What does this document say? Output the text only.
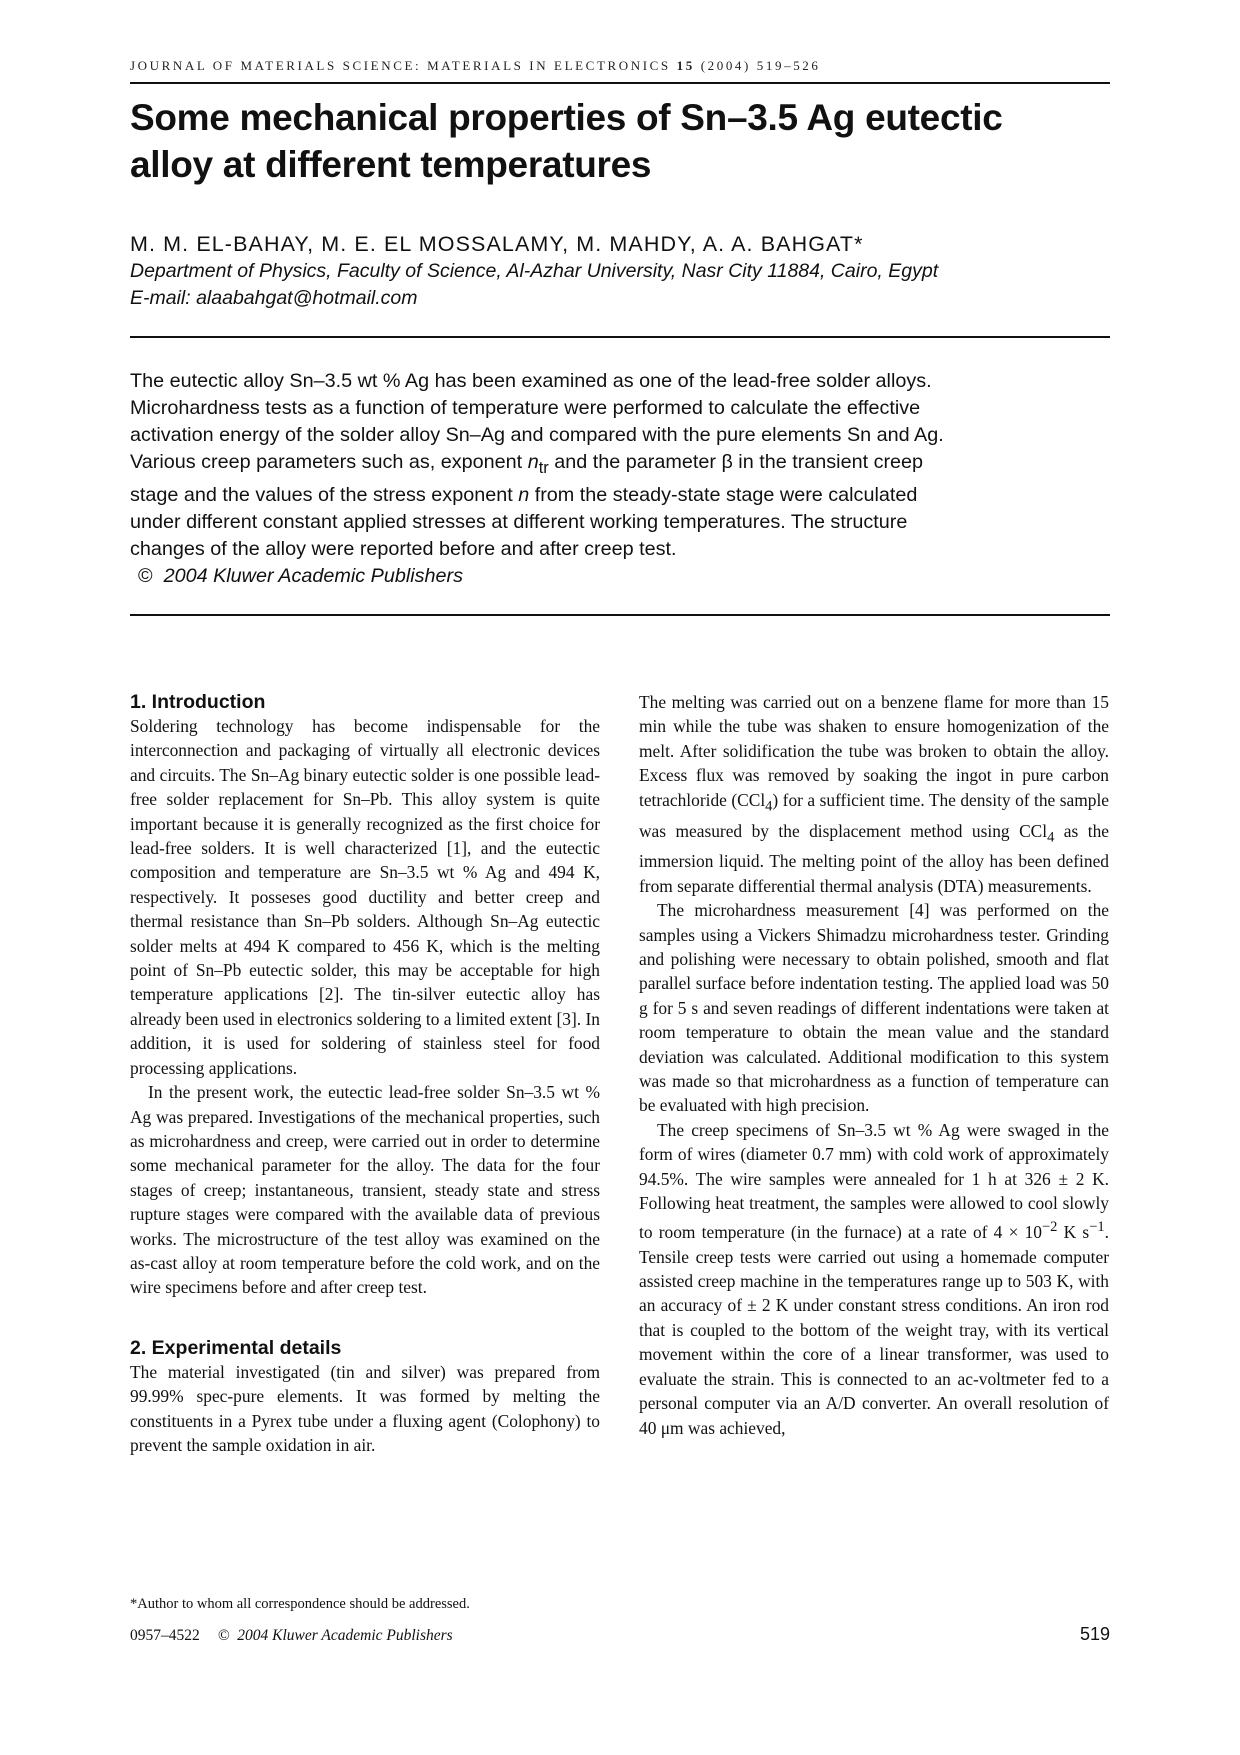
JOURNAL OF MATERIALS SCIENCE: MATERIALS IN ELECTRONICS 15 (2004) 519–526
Some mechanical properties of Sn–3.5 Ag eutectic
alloy at different temperatures
M. M. EL-BAHAY, M. E. EL MOSSALAMY, M. MAHDY, A. A. BAHGAT*
Department of Physics, Faculty of Science, Al-Azhar University, Nasr City 11884, Cairo, Egypt
E-mail: alaabahgat@hotmail.com
The eutectic alloy Sn–3.5 wt % Ag has been examined as one of the lead-free solder alloys.
Microhardness tests as a function of temperature were performed to calculate the effective
activation energy of the solder alloy Sn–Ag and compared with the pure elements Sn and Ag.
Various creep parameters such as, exponent $n_{tr}$ and the parameter β in the transient creep
stage and the values of the stress exponent n from the steady-state stage were calculated
under different constant applied stresses at different working temperatures. The structure
changes of the alloy were reported before and after creep test.
© 2004 Kluwer Academic Publishers
1. Introduction

Soldering technology has become indispensable for the interconnection and packaging of virtually all electronic devices and circuits. The Sn–Ag binary eutectic solder is one possible lead-free solder replacement for Sn–Pb. This alloy system is quite important because it is generally recognized as the first choice for lead-free solders. It is well characterized [1], and the eutectic composition and temperature are Sn–3.5 wt % Ag and 494 K, respectively. It posseses good ductility and better creep and thermal resistance than Sn–Pb solders. Although Sn–Ag eutectic solder melts at 494 K compared to 456 K, which is the melting point of Sn–Pb eutectic solder, this may be acceptable for high temperature applications [2]. The tin-silver eutectic alloy has already been used in electronics soldering to a limited extent [3]. In addition, it is used for soldering of stainless steel for food processing applications.

In the present work, the eutectic lead-free solder Sn–3.5 wt % Ag was prepared. Investigations of the mechanical properties, such as microhardness and creep, were carried out in order to determine some mechanical parameter for the alloy. The data for the four stages of creep; instantaneous, transient, steady state and stress rupture stages were compared with the available data of previous works. The microstructure of the test alloy was examined on the as-cast alloy at room temperature before the cold work, and on the wire specimens before and after creep test.

2. Experimental details

The material investigated (tin and silver) was prepared from 99.99% spec-pure elements. It was formed by melting the constituents in a Pyrex tube under a fluxing agent (Colophony) to prevent the sample oxidation in air.

The melting was carried out on a benzene flame for more than 15 min while the tube was shaken to ensure homogenization of the melt. After solidification the tube was broken to obtain the alloy. Excess flux was removed by soaking the ingot in pure carbon tetrachloride (CCl$_4$) for a sufficient time. The density of the sample was measured by the displacement method using CCl$_4$ as the immersion liquid. The melting point of the alloy has been defined from separate differential thermal analysis (DTA) measurements.

The microhardness measurement [4] was performed on the samples using a Vickers Shimadzu microhardness tester. Grinding and polishing were necessary to obtain polished, smooth and flat parallel surface before indentation testing. The applied load was 50 g for 5 s and seven readings of different indentations were taken at room temperature to obtain the mean value and the standard deviation was calculated. Additional modification to this system was made so that microhardness as a function of temperature can be evaluated with high precision.

The creep specimens of Sn–3.5 wt % Ag were swaged in the form of wires (diameter 0.7 mm) with cold work of approximately 94.5%. The wire samples were annealed for 1 h at 326 ± 2 K. Following heat treatment, the samples were allowed to cool slowly to room temperature (in the furnace) at a rate of $4 \times 10^{-2}$ K $s^{-1}$. Tensile creep tests were carried out using a homemade computer assisted creep machine in the temperatures range up to 503 K, with an accuracy of ± 2 K under constant stress conditions. An iron rod that is coupled to the bottom of the weight tray, with its vertical movement within the core of a linear transformer, was used to evaluate the strain. This is connected to an ac-voltmeter fed to a personal computer via an A/D converter. An overall resolution of 40 μm was achieved,

*Author to whom all correspondence should be addressed.
0957–4522 © 2004 Kluwer Academic Publishers	519
